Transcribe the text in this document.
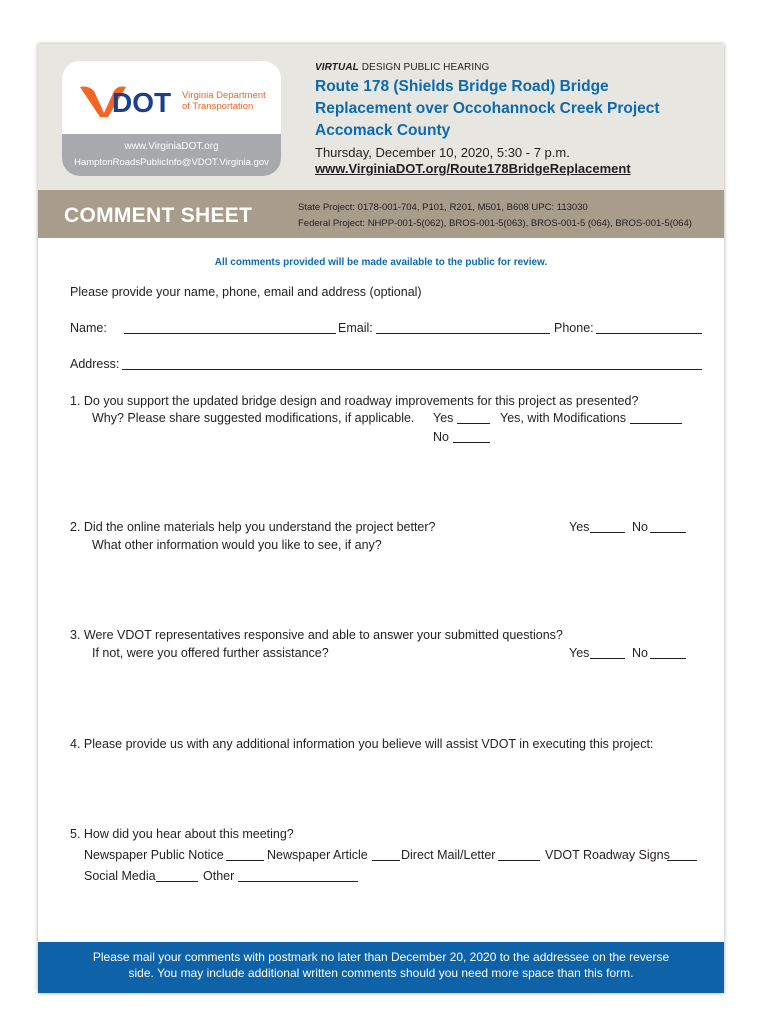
DOT Virginia Department
of Transportation
www.VirginiaDOT.org
HamptonRoadsPublicInfo@VDOT.Virginia.gov
VIRTUAL DESIGN PUBLIC HEARING
Route 178 (Shields Bridge Road) Bridge
Replacement over Occohannock Creek Project
Accomack County
Thursday, December 10, 2020, 5:30 - 7 p.m.
www.VirginiaDOT.org/Route178BridgeReplacement
COMMENT SHEET	State Project: 0178-001-704, P101, R201, M501, B608 UPC: 113030
Federal Project: NHPP-001-5(062), BROS-001-5(063), BROS-001-5 (064), BROS-001-5(064)
All comments provided will be made available to the public for review.
Please provide your name, phone, email and address (optional)
Name:	Email:	Phone:
Address:
1. Do you support the updated bridge design and roadway improvements for this project as presented?
Why? Please share suggested modifications, if applicable. Yes	Yes, with Modifications
No
2. Did the online materials help you understand the project better?
What other information would you like to see, if any?
Yes	No
3. Were VDOT representatives responsive and able to answer your submitted questions?
If not, were you offered further assistance?	Yes	No
4. Please provide us with any additional information you believe will assist VDOT in executing this project:
5. How did you hear about this meeting?
Newspaper Public Notice	Newspaper Article	Direct Mail/Letter	VDOT Roadway Signs
Social Media	Other
Please mail your comments with postmark no later than December 20, 2020 to the addressee on the reverse
side. You may include additional written comments should you need more space than this form.
